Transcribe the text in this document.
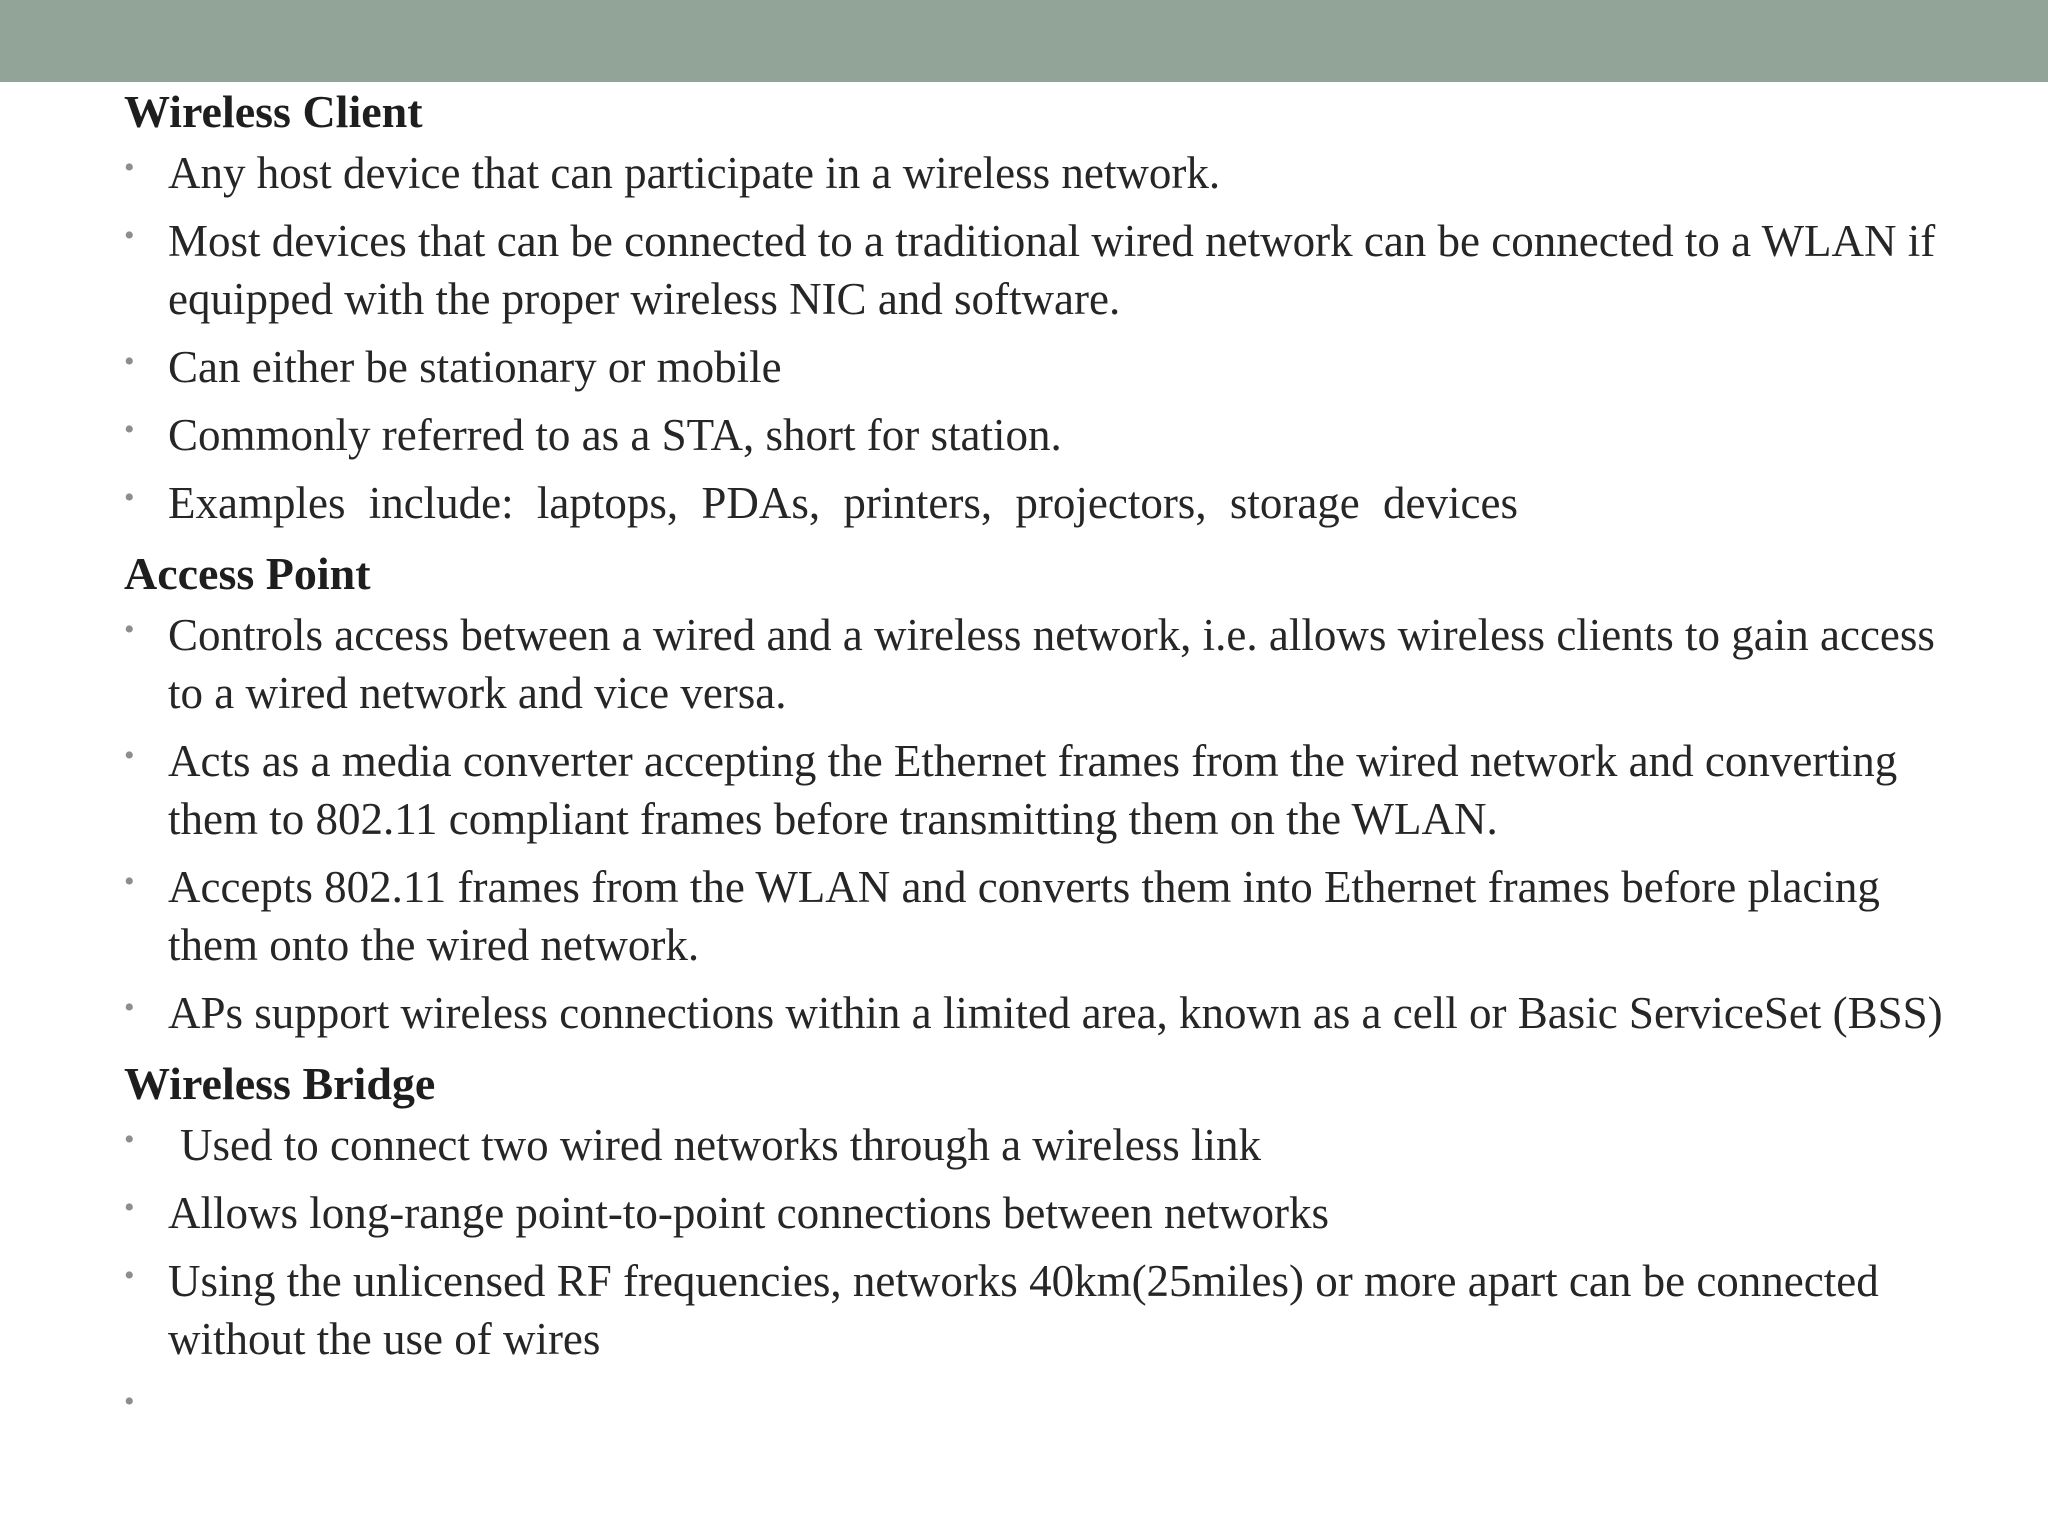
Wireless Client
• Any host device that can participate in a wireless network.
• Most devices that can be connected to a traditional wired network can be connected to a WLAN if equipped with the proper wireless NIC and software.
• Can either be stationary or mobile
• Commonly referred to as a STA, short for station.
• Examples include: laptops, PDAs, printers, projectors, storage devices
Access Point
• Controls access between a wired and a wireless network, i.e. allows wireless clients to gain access to a wired network and vice versa.
• Acts as a media converter accepting the Ethernet frames from the wired network and converting them to 802.11 compliant frames before transmitting them on the WLAN.
• Accepts 802.11 frames from the WLAN and converts them into Ethernet frames before placing them onto the wired network.
• APs support wireless connections within a limited area, known as a cell or Basic ServiceSet (BSS)
Wireless Bridge
•	Used to connect two wired networks through a wireless link
• Allows long-range point-to-point connections between networks
• Using the unlicensed RF frequencies, networks 40km(25miles) or more apart can be connected without the use of wires
•
